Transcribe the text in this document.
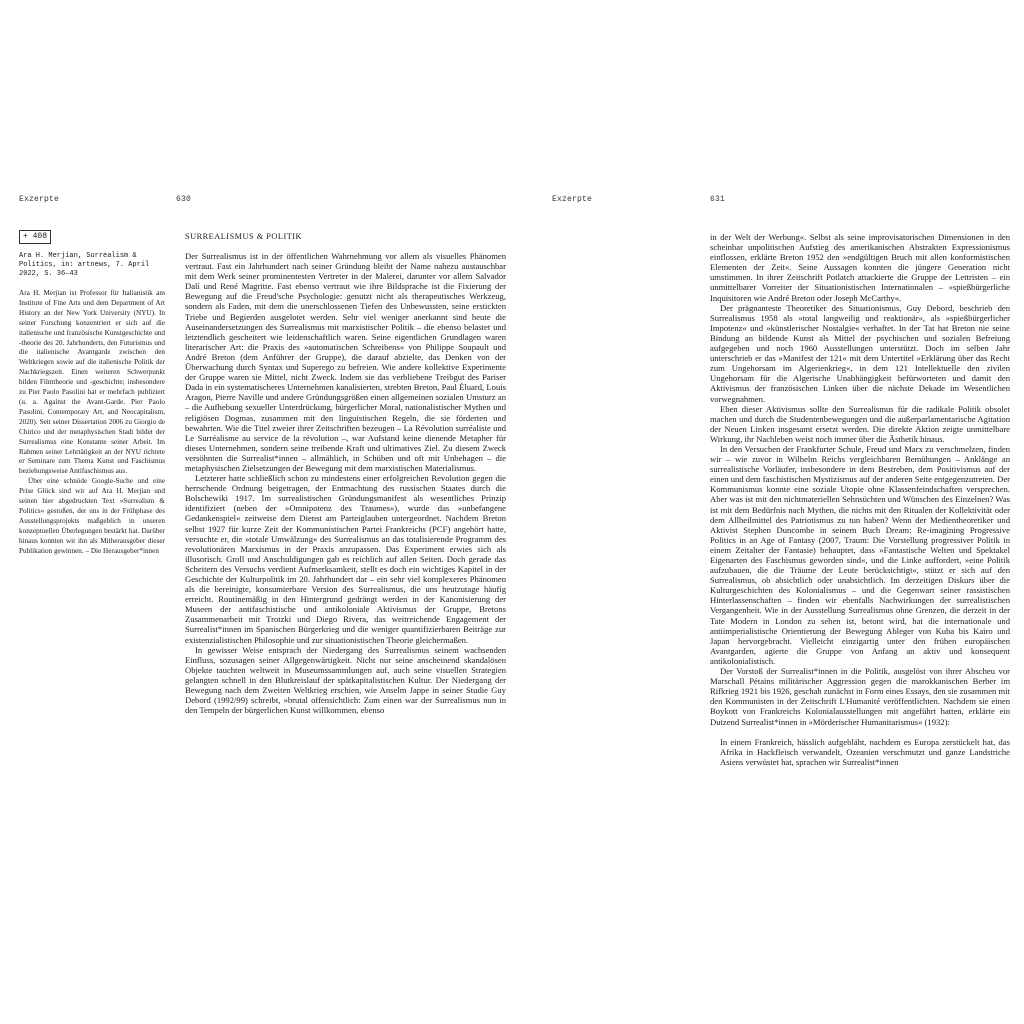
Exzerpte	630
+ 408

Ara H. Merjian, Surrealism & Politics, in: artnews, 7. April 2022, S. 36–43

Ara H. Merjian ist Professor für Italianistik am Institute of Fine Arts und dem Department of Art History an der New York University (NYU). In seiner Forschung konzentriert er sich auf die italienische und französische Kunstgeschichte und -theorie des 20. Jahrhunderts, den Futurismus und die italienische Avantgarde zwischen den Weltkriegen sowie auf die italienische Politik der Nachkriegszeit. Einen weiteren Schwerpunkt bilden Filmtheorie und -geschichte; insbesondere zu Pier Paolo Pasolini hat er mehrfach publiziert (u. a. Against the Avant-Garde. Pier Paolo Pasolini, Contemporary Art, and Neocapitalism, 2020). Seit seiner Dissertation 2006 zu Giorgio de Chirico und der metaphysischen Stadt bildet der Surrealismus eine Konstante seiner Arbeit. Im Rahmen seiner Lehrtätigkeit an der NYU richtete er Seminare zum Thema Kunst und Faschismus beziehungsweise Antifaschismus aus.

Über eine schnöde Google-Suche und eine Prise Glück sind wir auf Ara H. Merjian und seinen hier abgedruckten Text »Surrealism & Politics« gestoßen, der uns in der Frühphase des Ausstellungsprojekts maßgeblich in unseren konzeptuellen Überlegungen bestärkt hat. Darüber hinaus konnten wir ihn als Mitherausgeber dieser Publikation gewinnen. – Die Herausgeber*innen

SURREALISMUS & POLITIK

Der Surrealismus ist in der öffentlichen Wahrnehmung vor allem als visuelles Phänomen vertraut. Fast ein Jahrhundert nach seiner Gründung bleibt der Name nahezu austauschbar mit dem Werk seiner prominentesten Vertreter in der Malerei, darunter vor allem Salvador Dalí und René Magritte. Fast ebenso vertraut wie ihre Bildsprache ist die Fixierung der Bewegung auf die Freud'sche Psychologie: genutzt nicht als therapeutisches Werkzeug, sondern als Faden, mit dem die unerschlossenen Tiefen des Unbewussten, seine erstickten Triebe und Begierden ausgelotet werden. Sehr viel weniger anerkannt sind heute die Auseinandersetzungen des Surrealismus mit marxistischer Politik – die ebenso belastet und letztendlich gescheitert wie leidenschaftlich waren. Seine eigentlichen Grundlagen waren literarischer Art: die Praxis des »automatischen Schreibens« von Philippe Soupault und André Breton (dem Anführer der Gruppe), die darauf abzielte, das Denken von der Überwachung durch Syntax und Superego zu befreien. Wie andere kollektive Experimente der Gruppe waren sie Mittel, nicht Zweck. Indem sie das verbliebene Treibgut des Pariser Dada in ein systematischeres Unternehmen kanalisierten, strebten Breton, Paul Éluard, Louis Aragon, Pierre Naville und andere Gründungsgrößen einen allgemeinen sozialen Umsturz an – die Aufhebung sexueller Unterdrückung, bürgerlicher Moral, nationalistischer Mythen und religiösen Dogmas, zusammen mit den linguistischen Regeln, die sie förderten und bewahrten. Wie die Titel zweier ihrer Zeitschriften bezeugen – La Révolution surréaliste und Le Surréalisme au service de la révolution –, war Aufstand keine dienende Metapher für dieses Unternehmen, sondern seine treibende Kraft und ultimatives Ziel. Zu diesem Zweck versöhnten die Surrealist*innen – allmählich, in Schüben und oft mit Unbehagen – die metaphysischen Zielsetzungen der Bewegung mit dem marxistischen Materialismus.

Letzterer hatte schließlich schon zu mindestens einer erfolgreichen Revolution gegen die herrschende Ordnung beigetragen, der Entmachtung des russischen Staates durch die Bolschewiki 1917. Im surrealistischen Gründungsmanifest als wesentliches Prinzip identifiziert (neben der »Omnipotenz des Traumes«), wurde das »unbefangene Gedankenspiel« zeitweise dem Dienst am Parteiglauben untergeordnet. Nachdem Breton selbst 1927 für kurze Zeit der Kommunistischen Partei Frankreichs (PCF) angehört hatte, versuchte er, die »totale Umwälzung« des Surrealismus an das totalisierende Programm des revolutionären Marxismus in der Praxis anzupassen. Das Experiment erwies sich als illusorisch. Groll und Anschuldigungen gab es reichlich auf allen Seiten. Doch gerade das Scheitern des Versuchs verdient Aufmerksamkeit, stellt es doch ein wichtiges Kapitel in der Geschichte der Kulturpolitik im 20. Jahrhundert dar – ein sehr viel komplexeres Phänomen als die bereinigte, konsumierbare Version des Surrealismus, die uns heutzutage häufig erreicht. Routinemäßig in den Hintergrund gedrängt werden in der Kanonisierung der Museen der antifaschistische und antikoloniale Aktivismus der Gruppe, Bretons Zusammenarbeit mit Trotzki und Diego Rivera, das weitreichende Engagement der Surrealist*innen im Spanischen Bürgerkrieg und die weniger quantifizierbaren Beiträge zur existenzialistischen Philosophie und zur situationistischen Theorie gleichermaßen.

In gewisser Weise entsprach der Niedergang des Surrealismus seinem wachsenden Einfluss, sozusagen seiner Allgegenwärtigkeit. Nicht nur seine anscheinend skandalösen Objekte tauchten weltweit in Museumssammlungen auf, auch seine visuellen Strategien gelangten schnell in den Blutkreislauf der spätkapitalistischen Kultur. Der Niedergang der Bewegung nach dem Zweiten Weltkrieg erschien, wie Anselm Jappe in seiner Studie Guy Debord (1992/99) schreibt, »brutal offensichtlich: Zum einen war der Surrealismus nun in den Tempeln der bürgerlichen Kunst willkommen, ebenso

Exzerpte	631

in der Welt der Werbung«. Selbst als seine improvisatorischen Dimensionen in den scheinbar unpolitischen Aufstieg des amerikanischen Abstrakten Expressionismus einflossen, erklärte Breton 1952 den »endgültigen Bruch mit allen konformistischen Elementen der Zeit«. Seine Aussagen konnten die jüngere Generation nicht umstimmen. In ihrer Zeitschrift Potlatch attackierte die Gruppe der Lettristen – ein unmittelbarer Vorreiter der Situationistischen Internationalen – »spießbürgerliche Inquisitoren wie André Breton oder Joseph McCarthy«.

Der prägnanteste Theoretiker des Situationismus, Guy Debord, beschrieb den Surrealismus 1958 als »total langweilig und reaktionär«, als »spießbürgerlicher Impotenz« und »künstlerischer Nostalgie« verhaftet. In der Tat hat Breton nie seine Bindung an bildende Kunst als Mittel der psychischen und sozialen Befreiung aufgegeben und noch 1960 Ausstellungen unterstützt. Doch im selben Jahr unterschrieb er das »Manifest der 121« mit dem Untertitel »Erklärung über das Recht zum Ungehorsam im Algerienkrieg«, in dem 121 Intellektuelle den zivilen Ungehorsam für die Algerische Unabhängigkeit befürworteten und damit den Aktivismus der französischen Linken über die nächste Dekade im Wesentlichen vorwegnahmen.

Eben dieser Aktivismus sollte den Surrealismus für die radikale Politik obsolet machen und durch die Studentenbewegungen und die außerparlamentarische Agitation der Neuen Linken insgesamt ersetzt werden. Die direkte Aktion zeigte unmittelbare Wirkung, ihr Nachleben weist noch immer über die Ästhetik hinaus.

In den Versuchen der Frankfurter Schule, Freud und Marx zu verschmelzen, finden wir – wie zuvor in Wilhelm Reichs vergleichbaren Bemühungen – Anklänge an surrealistische Vorläufer, insbesondere in dem Bestreben, dem Positivismus auf der einen und dem faschistischen Mystizismus auf der anderen Seite entgegenzutreten. Der Kommunismus konnte eine soziale Utopie ohne Klassenfeindschaften versprechen. Aber was ist mit den nichtmateriellen Sehnsüchten und Wünschen des Einzelnen? Was ist mit dem Bedürfnis nach Mythen, die nichts mit den Ritualen der Kollektivität oder dem Allheilmittel des Patriotismus zu tun haben? Wenn der Medientheoretiker und Aktivist Stephen Duncombe in seinem Buch Dream: Re-imagining Progressive Politics in an Age of Fantasy (2007, Traum: Die Vorstellung progressiver Politik in einem Zeitalter der Fantasie) behauptet, dass »Fantastische Welten und Spektakel Eigenarten des Faschismus geworden sind«, und die Linke auffordert, »eine Politik aufzubauen, die die Träume der Leute berücksichtigt«, stützt er sich auf den Surrealismus, ob absichtlich oder unabsichtlich. Im derzeitigen Diskurs über die Kulturgeschichten des Kolonialismus – und die Gegenwart seiner rassistischen Hinterlassenschaften – finden wir ebenfalls Nachwirkungen der surrealistischen Vergangenheit. Wie in der Ausstellung Surrealismus ohne Grenzen, die derzeit in der Tate Modern in London zu sehen ist, betont wird, hat die internationale und antiimperialistische Orientierung der Bewegung Ableger von Kuba bis Kairo und Japan hervorgebracht. Vielleicht einzigartig unter den frühen europäischen Avantgarden, agierte die Gruppe von Anfang an aktiv und konsequent antikolonialistisch.

Der Vorstoß der Surrealist*innen in die Politik, ausgelöst von ihrer Abscheu vor Marschall Pétains militärischer Aggression gegen die marokkanischen Berber im Rifkrieg 1921 bis 1926, geschah zunächst in Form eines Essays, den sie zusammen mit den Kommunisten in der Zeitschrift L'Humanité veröffentlichten. Nachdem sie einen Boykott von Frankreichs Kolonialausstellungen mit angeführt hatten, erklärte ein Dutzend Surrealist*innen in »Mörderischer Humanitarismus« (1932):

In einem Frankreich, hässlich aufgebläht, nachdem es Europa zerstückelt hat, das Afrika in Hackfleisch verwandelt, Ozeanien verschmutzt und ganze Landstriche Asiens verwüstet hat, sprachen wir Surrealist*innen
